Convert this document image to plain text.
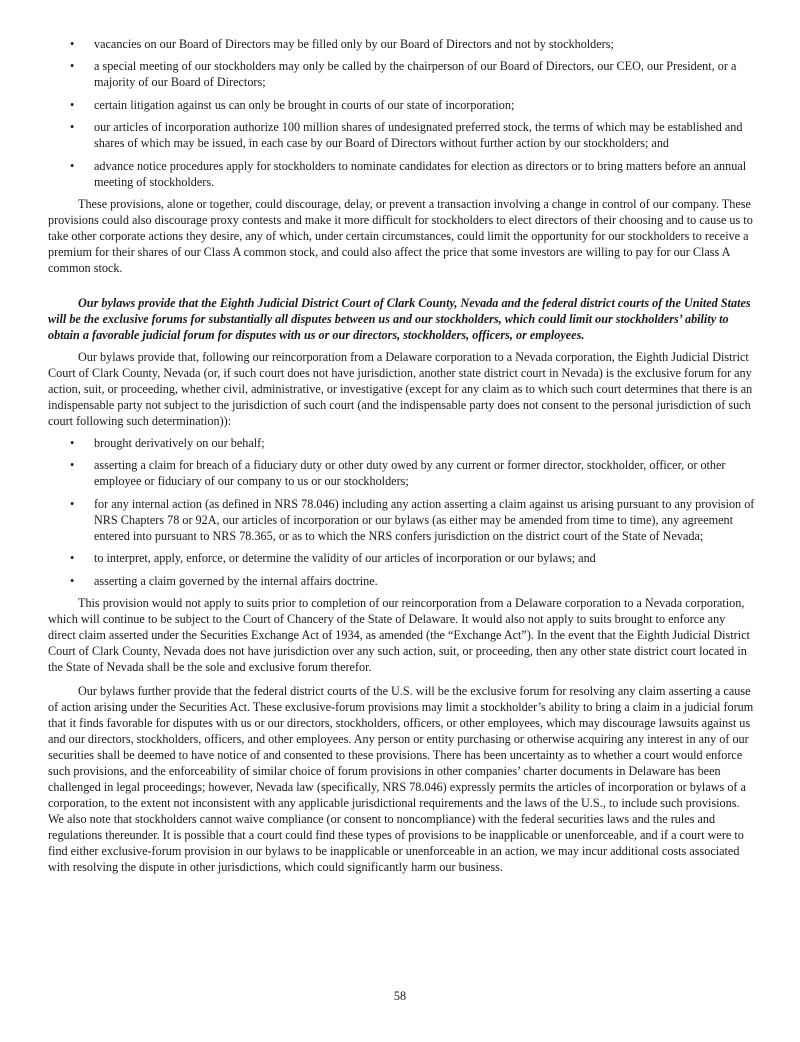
• vacancies on our Board of Directors may be filled only by our Board of Directors and not by stockholders;
• a special meeting of our stockholders may only be called by the chairperson of our Board of Directors, our CEO, our President, or a majority of our Board of Directors;
• certain litigation against us can only be brought in courts of our state of incorporation;
• our articles of incorporation authorize 100 million shares of undesignated preferred stock, the terms of which may be established and shares of which may be issued, in each case by our Board of Directors without further action by our stockholders; and
• advance notice procedures apply for stockholders to nominate candidates for election as directors or to bring matters before an annual meeting of stockholders.

These provisions, alone or together, could discourage, delay, or prevent a transaction involving a change in control of our company. These provisions could also discourage proxy contests and make it more difficult for stockholders to elect directors of their choosing and to cause us to take other corporate actions they desire, any of which, under certain circumstances, could limit the opportunity for our stockholders to receive a premium for their shares of our Class A common stock, and could also affect the price that some investors are willing to pay for our Class A common stock.

Our bylaws provide that the Eighth Judicial District Court of Clark County, Nevada and the federal district courts of the United States will be the exclusive forums for substantially all disputes between us and our stockholders, which could limit our stockholders’ ability to obtain a favorable judicial forum for disputes with us or our directors, stockholders, officers, or employees.

Our bylaws provide that, following our reincorporation from a Delaware corporation to a Nevada corporation, the Eighth Judicial District Court of Clark County, Nevada (or, if such court does not have jurisdiction, another state district court in Nevada) is the exclusive forum for any action, suit, or proceeding, whether civil, administrative, or investigative (except for any claim as to which such court determines that there is an indispensable party not subject to the jurisdiction of such court (and the indispensable party does not consent to the personal jurisdiction of such court following such determination)):

• brought derivatively on our behalf;
• asserting a claim for breach of a fiduciary duty or other duty owed by any current or former director, stockholder, officer, or other employee or fiduciary of our company to us or our stockholders;
• for any internal action (as defined in NRS 78.046) including any action asserting a claim against us arising pursuant to any provision of NRS Chapters 78 or 92A, our articles of incorporation or our bylaws (as either may be amended from time to time), any agreement entered into pursuant to NRS 78.365, or as to which the NRS confers jurisdiction on the district court of the State of Nevada;
• to interpret, apply, enforce, or determine the validity of our articles of incorporation or our bylaws; and
• asserting a claim governed by the internal affairs doctrine.

This provision would not apply to suits prior to completion of our reincorporation from a Delaware corporation to a Nevada corporation, which will continue to be subject to the Court of Chancery of the State of Delaware. It would also not apply to suits brought to enforce any direct claim asserted under the Securities Exchange Act of 1934, as amended (the “Exchange Act”). In the event that the Eighth Judicial District Court of Clark County, Nevada does not have jurisdiction over any such action, suit, or proceeding, then any other state district court located in the State of Nevada shall be the sole and exclusive forum therefor.

Our bylaws further provide that the federal district courts of the U.S. will be the exclusive forum for resolving any claim asserting a cause of action arising under the Securities Act. These exclusive-forum provisions may limit a stockholder’s ability to bring a claim in a judicial forum that it finds favorable for disputes with us or our directors, stockholders, officers, or other employees, which may discourage lawsuits against us and our directors, stockholders, officers, and other employees. Any person or entity purchasing or otherwise acquiring any interest in any of our securities shall be deemed to have notice of and consented to these provisions. There has been uncertainty as to whether a court would enforce such provisions, and the enforceability of similar choice of forum provisions in other companies’ charter documents in Delaware has been challenged in legal proceedings; however, Nevada law (specifically, NRS 78.046) expressly permits the articles of incorporation or bylaws of a corporation, to the extent not inconsistent with any applicable jurisdictional requirements and the laws of the U.S., to include such provisions. We also note that stockholders cannot waive compliance (or consent to noncompliance) with the federal securities laws and the rules and regulations thereunder. It is possible that a court could find these types of provisions to be inapplicable or unenforceable, and if a court were to find either exclusive-forum provision in our bylaws to be inapplicable or unenforceable in an action, we may incur additional costs associated with resolving the dispute in other jurisdictions, which could significantly harm our business.

58
